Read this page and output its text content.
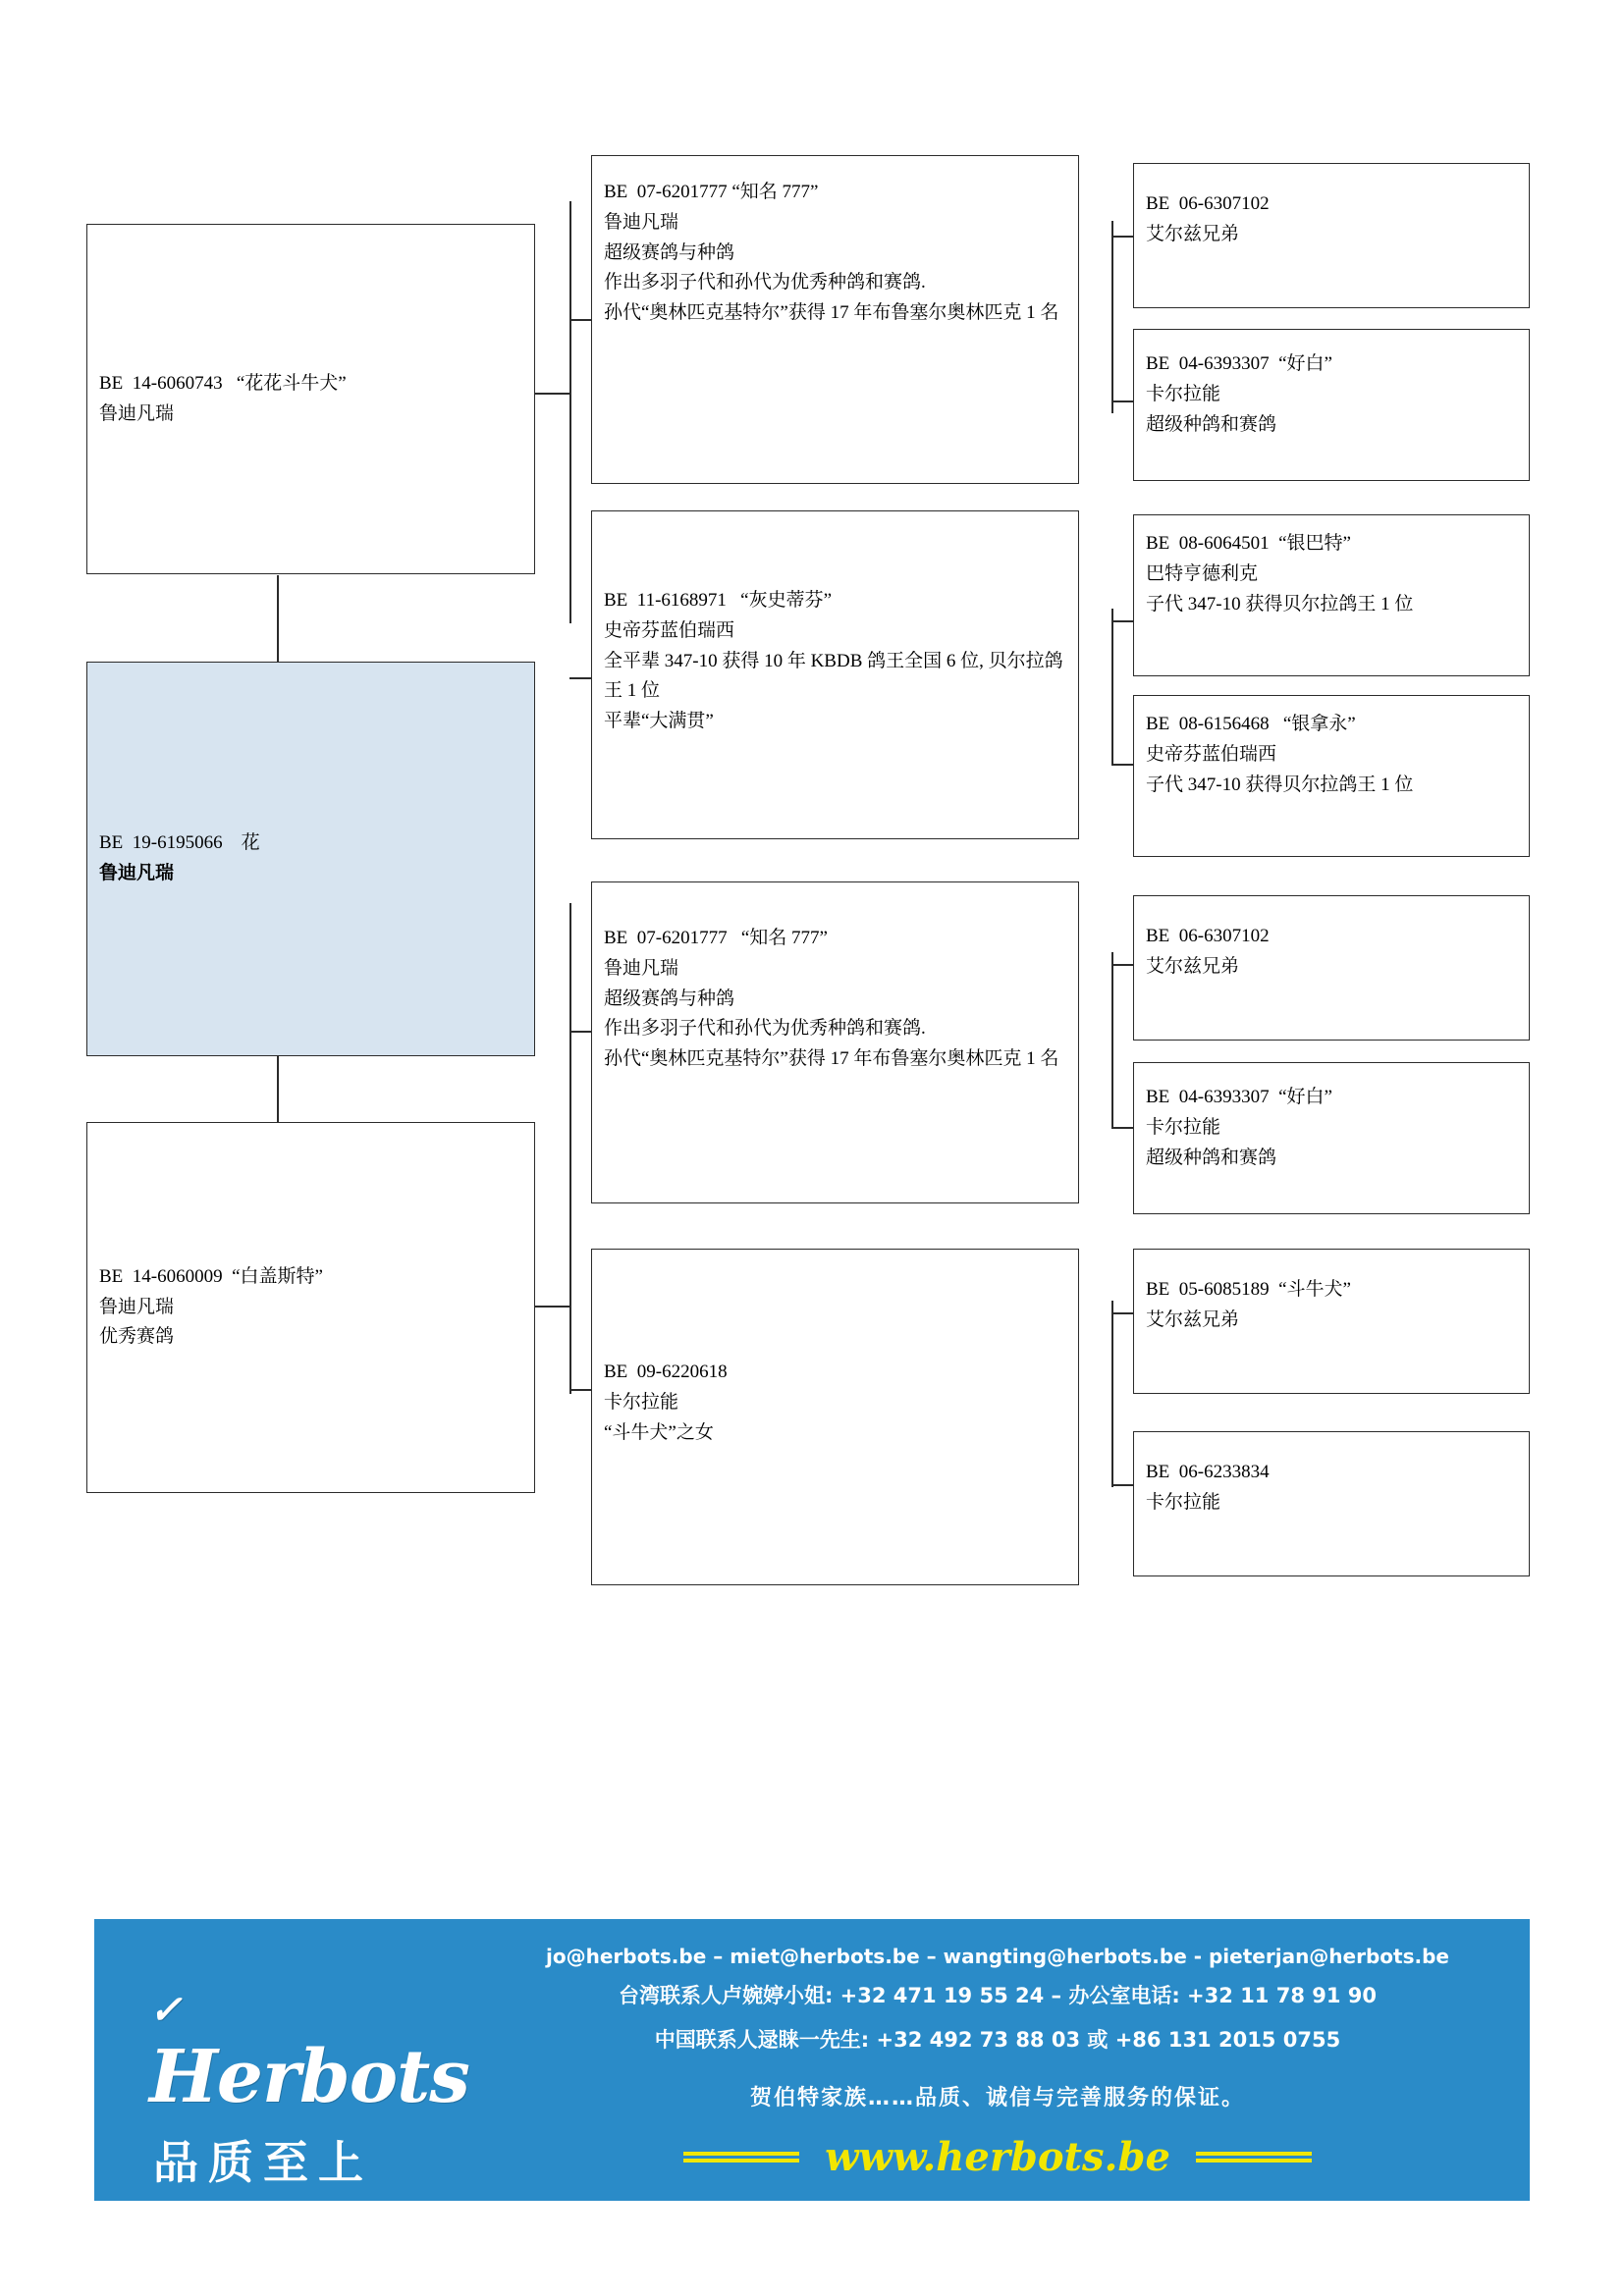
BE  14-6060743   “花花斗牛犬”
鲁迪凡瑞
BE  19-6195066    花
鲁迪凡瑞
BE  14-6060009  “白盖斯特”
鲁迪凡瑞
优秀赛鸽
BE  07-6201777 “知名 777”
鲁迪凡瑞
超级赛鸽与种鸽
作出多羽子代和孙代为优秀种鸽和赛鸽.
孙代“奥林匹克基特尔”获得 17 年布鲁塞尔奥林匹克 1 名
BE  11-6168971   “灰史蒂芬”
史帝芬蓝伯瑞西
全平辈 347-10 获得 10 年 KBDB 鸽王全国 6 位, 贝尔拉鸽王 1 位
平辈“大满贯”
BE  07-6201777   “知名 777”
鲁迪凡瑞
超级赛鸽与种鸽
作出多羽子代和孙代为优秀种鸽和赛鸽.
孙代“奥林匹克基特尔”获得 17 年布鲁塞尔奥林匹克 1 名
BE  09-6220618
卡尔拉能
“斗牛犬”之女
BE  06-6307102
艾尔兹兄弟
BE  04-6393307  “好白”
卡尔拉能
超级种鸽和赛鸽
BE  08-6064501  “银巴特”
巴特亨德利克
子代 347-10 获得贝尔拉鸽王 1 位
BE  08-6156468   “银拿永”
史帝芬蓝伯瑞西
子代 347-10 获得贝尔拉鸽王 1 位
BE  06-6307102
艾尔兹兄弟
BE  04-6393307  “好白”
卡尔拉能
超级种鸽和赛鸽
BE  05-6085189  “斗牛犬”
艾尔兹兄弟
BE  06-6233834
卡尔拉能
✓Herbots
品质至上
jo@herbots.be – miet@herbots.be – wangting@herbots.be - pieterjan@herbots.be
台湾联系人卢婉婷小姐: +32 471 19 55 24 – 办公室电话: +32 11 78 91 90
中国联系人逯睐一先生: +32 492 73 88 03 或 +86 131 2015 0755
贺伯特家族……品质、诚信与完善服务的保证。
www.herbots.be
